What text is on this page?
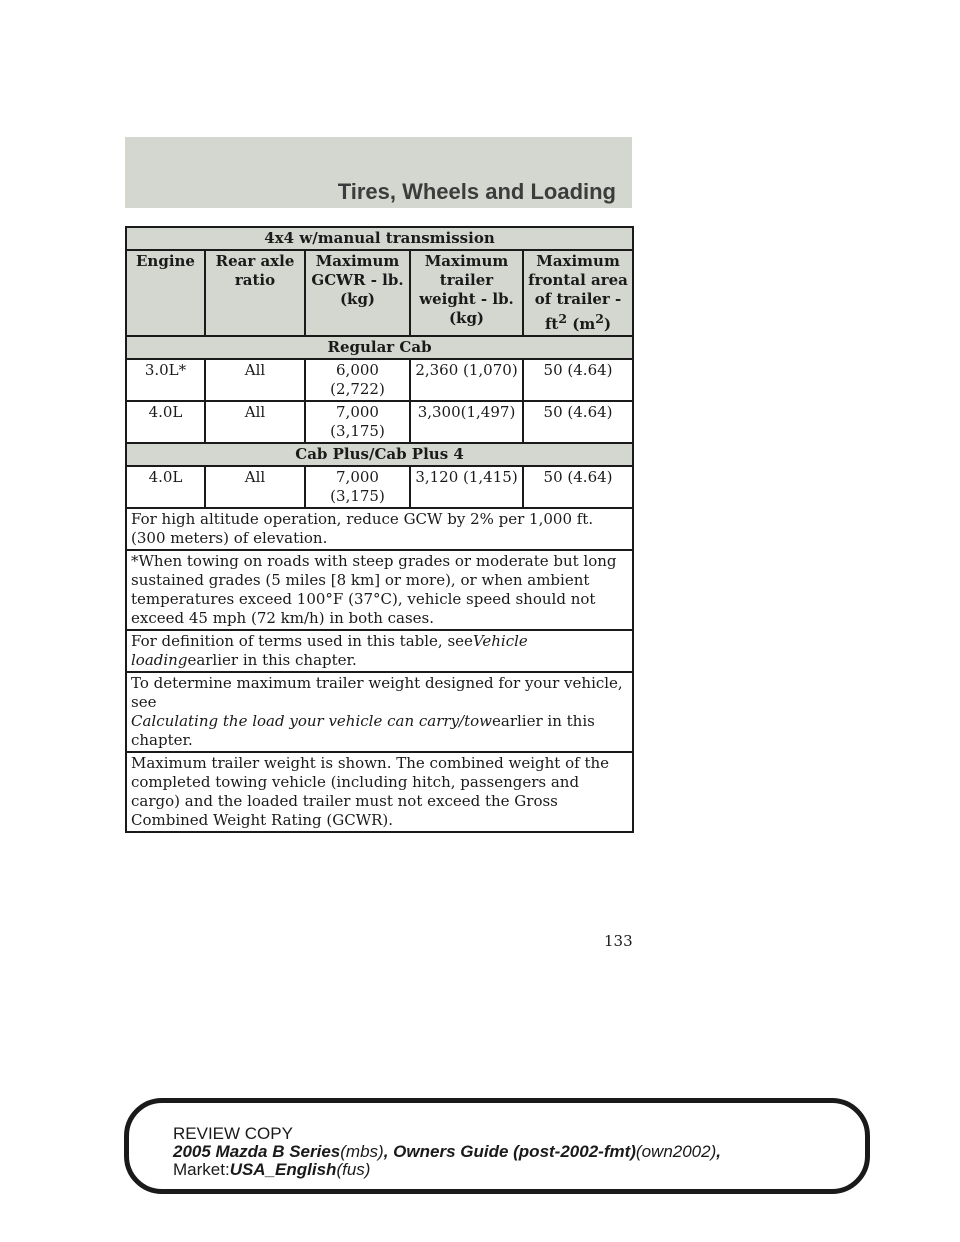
Tires, Wheels and Loading
4x4 w/manual transmission				
Engine	Rear axle ratio	Maximum GCWR - lb. (kg)	Maximum trailer weight - lb. (kg)	Maximum frontal area of trailer - $ft^2$ $(m^2)$
Regular Cab				
3.0L*	All	6,000 (2,722)	2,360 (1,070)	50 (4.64)
4.0L	All	7,000 (3,175)	3,300(1,497)	50 (4.64)
Cab Plus/Cab Plus 4				
4.0L	All	7,000 (3,175)	3,120 (1,415)	50 (4.64)
For high altitude operation, reduce GCW by 2% per 1,000 ft. (300 meters) of elevation.				
*When towing on roads with steep grades or moderate but long sustained grades (5 miles [8 km] or more), or when ambient temperatures exceed 100°F (37°C), vehicle speed should not exceed 45 mph (72 km/h) in both cases.				
For definition of terms used in this table, seeVehicle loadingearlier in this chapter.				
To determine maximum trailer weight designed for your vehicle, see
Calculating the load your vehicle can carry/towearlier in this chapter.				
Maximum trailer weight is shown. The combined weight of the completed towing vehicle (including hitch, passengers and cargo) and the loaded trailer must not exceed the Gross Combined Weight Rating (GCWR).				
133
REVIEW COPY
2005 Mazda B Series(mbs), Owners Guide (post-2002-fmt)(own2002),
Market:USA_English(fus)
